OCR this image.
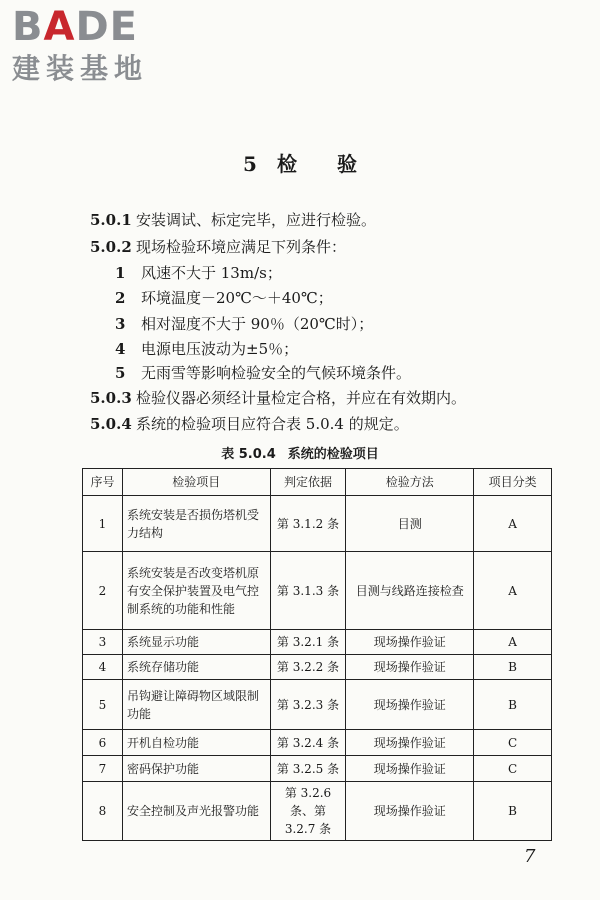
BADE
建装基地
5 检 验
5.0.1 安装调试、标定完毕，应进行检验。
5.0.2 现场检验环境应满足下列条件：
1 风速不大于 13m/s；
2 环境温度－20℃～＋40℃；
3 相对湿度不大于 90％（20℃时）；
4 电源电压波动为±5％；
5 无雨雪等影响检验安全的气候环境条件。
5.0.3 检验仪器必须经计量检定合格，并应在有效期内。
5.0.4 系统的检验项目应符合表 5.0.4 的规定。
表 5.0.4 系统的检验项目
序号	检验项目	判定依据	检验方法	项目分类
1	系统安装是否损伤塔机受力结构	第 3.1.2 条	目测	A
2	系统安装是否改变塔机原有安全保护装置及电气控制系统的功能和性能	第 3.1.3 条	目测与线路连接检查	A
3	系统显示功能	第 3.2.1 条	现场操作验证	A
4	系统存储功能	第 3.2.2 条	现场操作验证	B
5	吊钩避让障碍物区域限制功能	第 3.2.3 条	现场操作验证	B
6	开机自检功能	第 3.2.4 条	现场操作验证	C
7	密码保护功能	第 3.2.5 条	现场操作验证	C
8	安全控制及声光报警功能	第 3.2.6 条、第 3.2.7 条	现场操作验证	B
7
